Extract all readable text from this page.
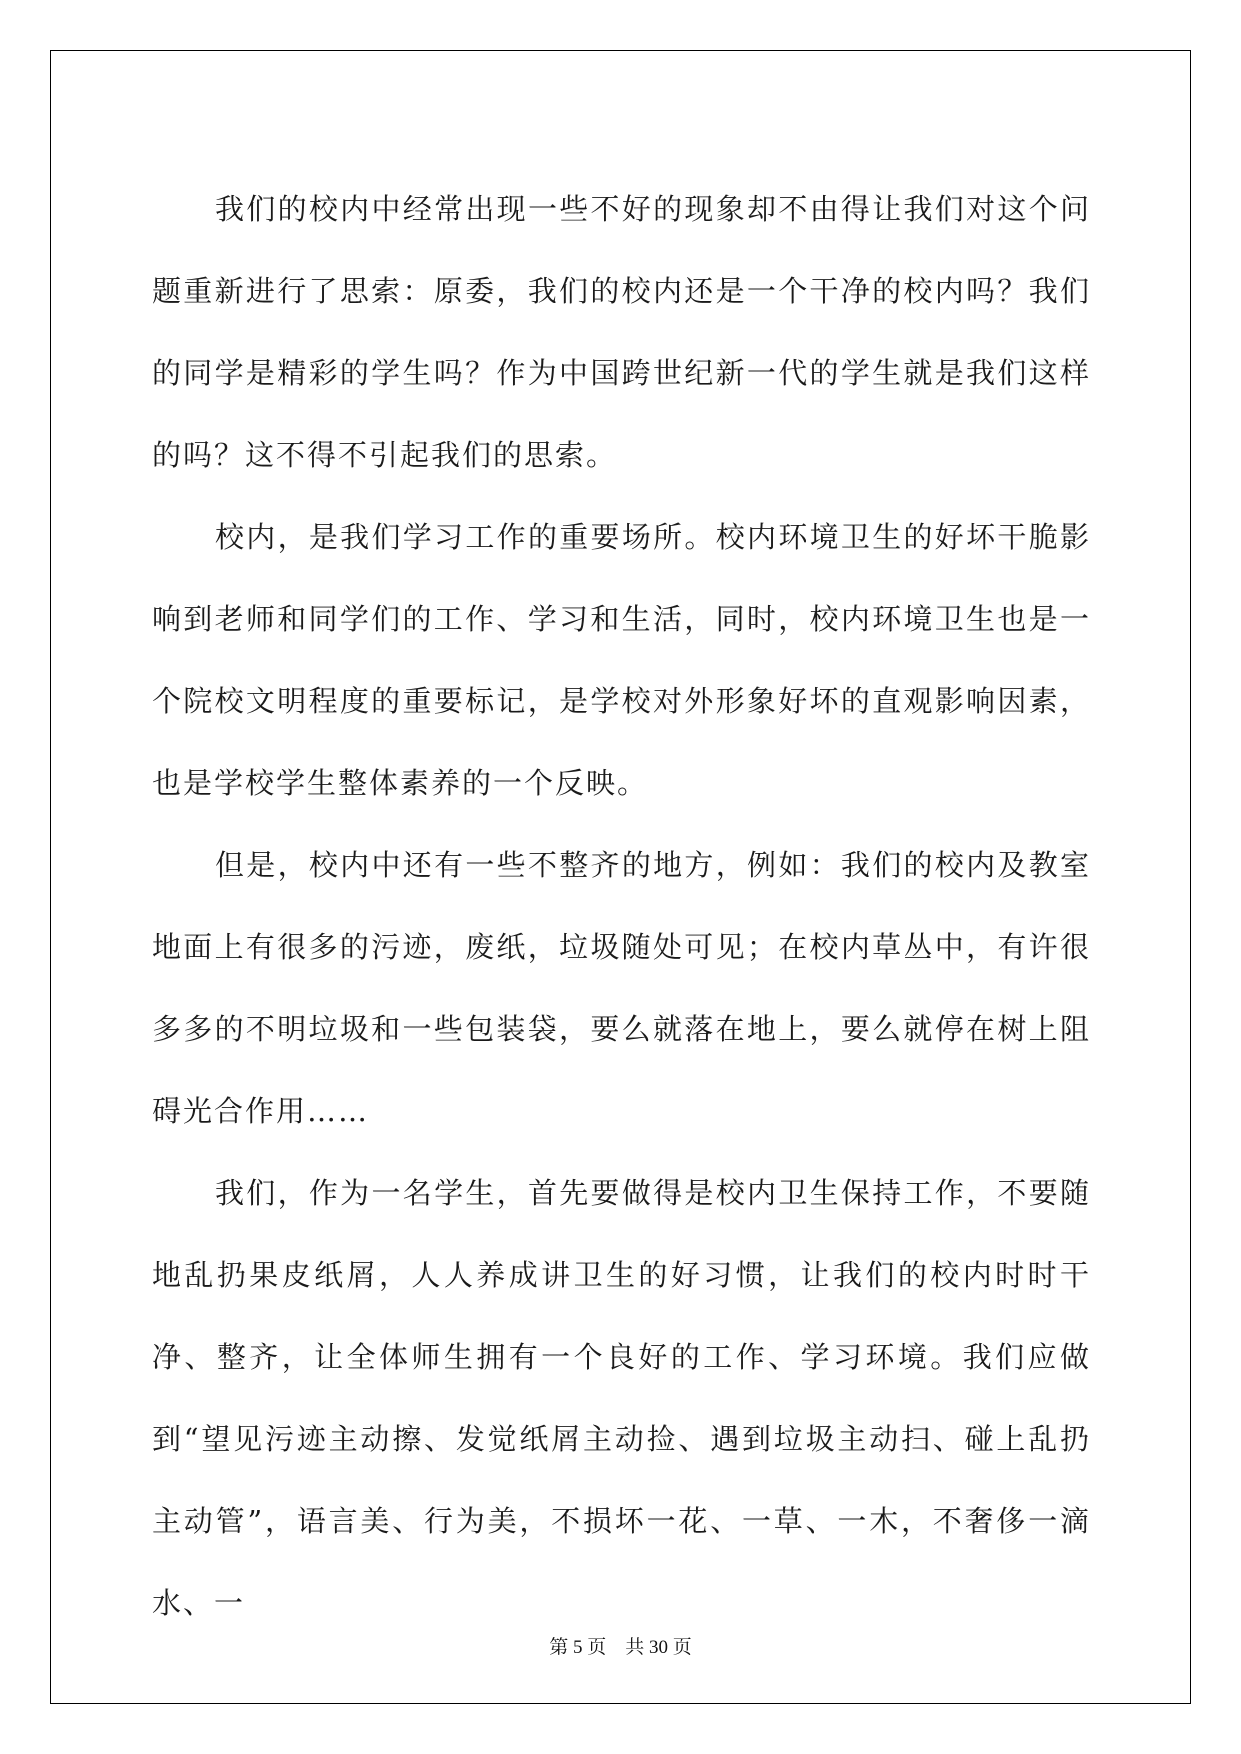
我们的校内中经常出现一些不好的现象却不由得让我们对这个问题重新进行了思索：原委，我们的校内还是一个干净的校内吗？我们的同学是精彩的学生吗？作为中国跨世纪新一代的学生就是我们这样的吗？这不得不引起我们的思索。

校内，是我们学习工作的重要场所。校内环境卫生的好坏干脆影响到老师和同学们的工作、学习和生活，同时，校内环境卫生也是一个院校文明程度的重要标记，是学校对外形象好坏的直观影响因素，也是学校学生整体素养的一个反映。

但是，校内中还有一些不整齐的地方，例如：我们的校内及教室地面上有很多的污迹，废纸，垃圾随处可见；在校内草丛中，有许很多多的不明垃圾和一些包装袋，要么就落在地上，要么就停在树上阻碍光合作用……

我们，作为一名学生，首先要做得是校内卫生保持工作，不要随地乱扔果皮纸屑，人人养成讲卫生的好习惯，让我们的校内时时干净、整齐，让全体师生拥有一个良好的工作、学习环境。我们应做到“望见污迹主动擦、发觉纸屑主动捡、遇到垃圾主动扫、碰上乱扔主动管”，语言美、行为美，不损坏一花、一草、一木，不奢侈一滴水、一

第 5 页　共 30 页
